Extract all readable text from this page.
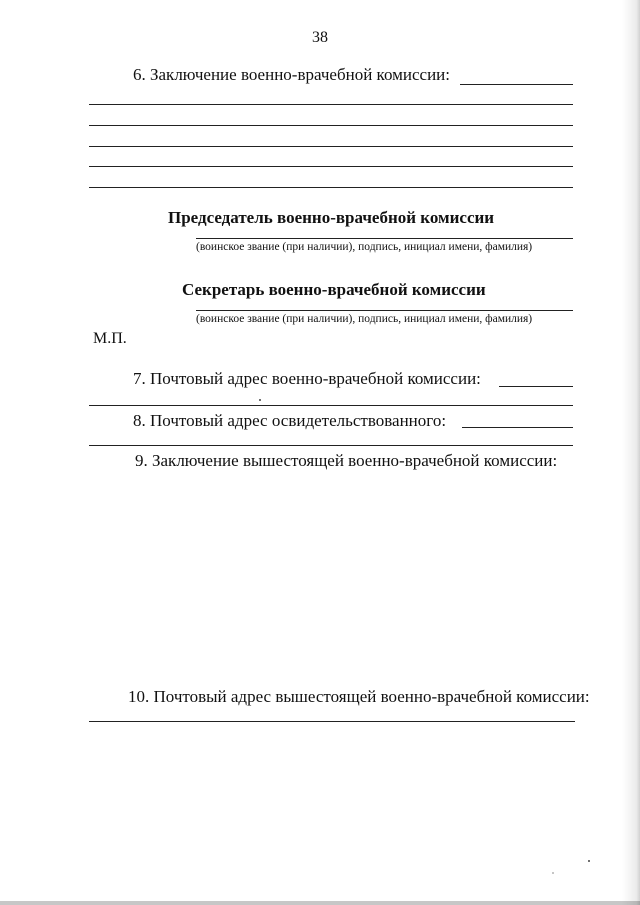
38
6. Заключение военно-врачебной комиссии:
Председатель военно-врачебной комиссии
(воинское звание (при наличии), подпись, инициал имени, фамилия)
Секретарь военно-врачебной комиссии
(воинское звание (при наличии), подпись, инициал имени, фамилия)
М.П.
7. Почтовый адрес военно-врачебной комиссии:
8. Почтовый адрес освидетельствованного:
9. Заключение вышестоящей военно-врачебной комиссии:
10. Почтовый адрес вышестоящей военно-врачебной комиссии:
